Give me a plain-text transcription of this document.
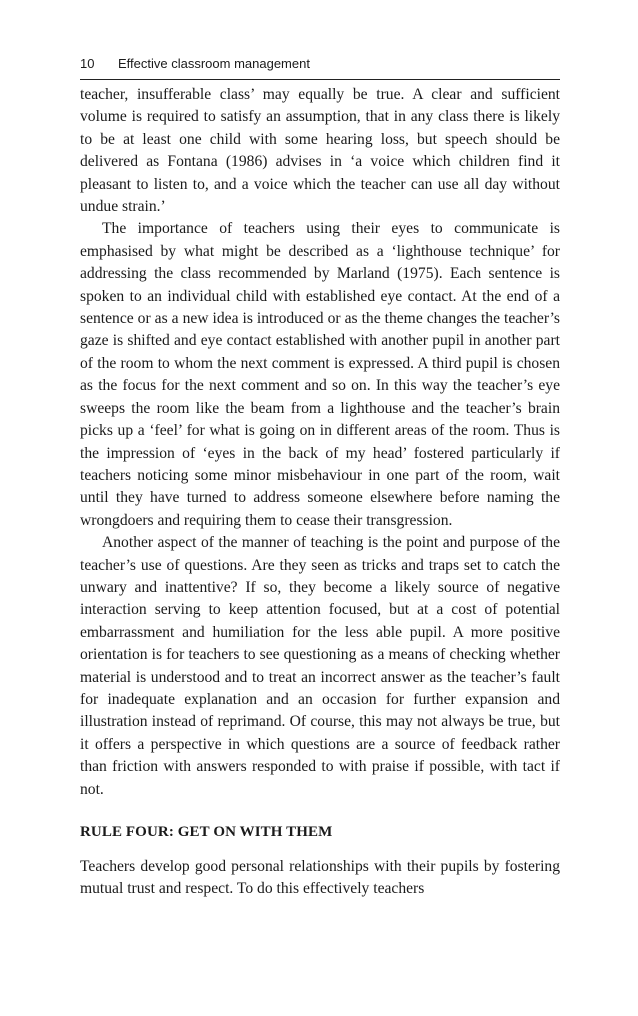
10 Effective classroom management

teacher, insufferable class’ may equally be true. A clear and sufficient volume is required to satisfy an assumption, that in any class there is likely to be at least one child with some hearing loss, but speech should be delivered as Fontana (1986) advises in ‘a voice which children find it pleasant to listen to, and a voice which the teacher can use all day without undue strain.’

The importance of teachers using their eyes to communicate is emphasised by what might be described as a ‘lighthouse technique’ for addressing the class recommended by Marland (1975). Each sentence is spoken to an individual child with established eye contact. At the end of a sentence or as a new idea is introduced or as the theme changes the teacher’s gaze is shifted and eye contact established with another pupil in another part of the room to whom the next comment is expressed. A third pupil is chosen as the focus for the next comment and so on. In this way the teacher’s eye sweeps the room like the beam from a lighthouse and the teacher’s brain picks up a ‘feel’ for what is going on in different areas of the room. Thus is the impression of ‘eyes in the back of my head’ fostered particularly if teachers noticing some minor misbehaviour in one part of the room, wait until they have turned to address someone elsewhere before naming the wrongdoers and requiring them to cease their transgression.

Another aspect of the manner of teaching is the point and purpose of the teacher’s use of questions. Are they seen as tricks and traps set to catch the unwary and inattentive? If so, they become a likely source of negative interaction serving to keep attention focused, but at a cost of potential embarrassment and humiliation for the less able pupil. A more positive orientation is for teachers to see questioning as a means of checking whether material is understood and to treat an incorrect answer as the teacher’s fault for inadequate explanation and an occasion for further expansion and illustration instead of reprimand. Of course, this may not always be true, but it offers a perspective in which questions are a source of feedback rather than friction with answers responded to with praise if possible, with tact if not.

RULE FOUR: GET ON WITH THEM

Teachers develop good personal relationships with their pupils by fostering mutual trust and respect. To do this effectively teachers
